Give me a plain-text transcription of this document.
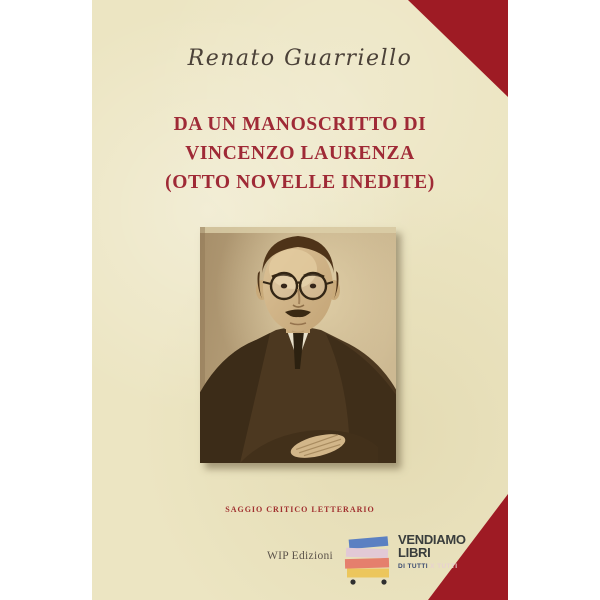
Renato Guarriello
DA UN MANOSCRITTO DI
VINCENZO LAURENZA
(OTTO NOVELLE INEDITE)
SAGGIO CRITICO LETTERARIO
WIP Edizioni
VENDIAMO
LIBRI
DI TUTTI X TUTTI
